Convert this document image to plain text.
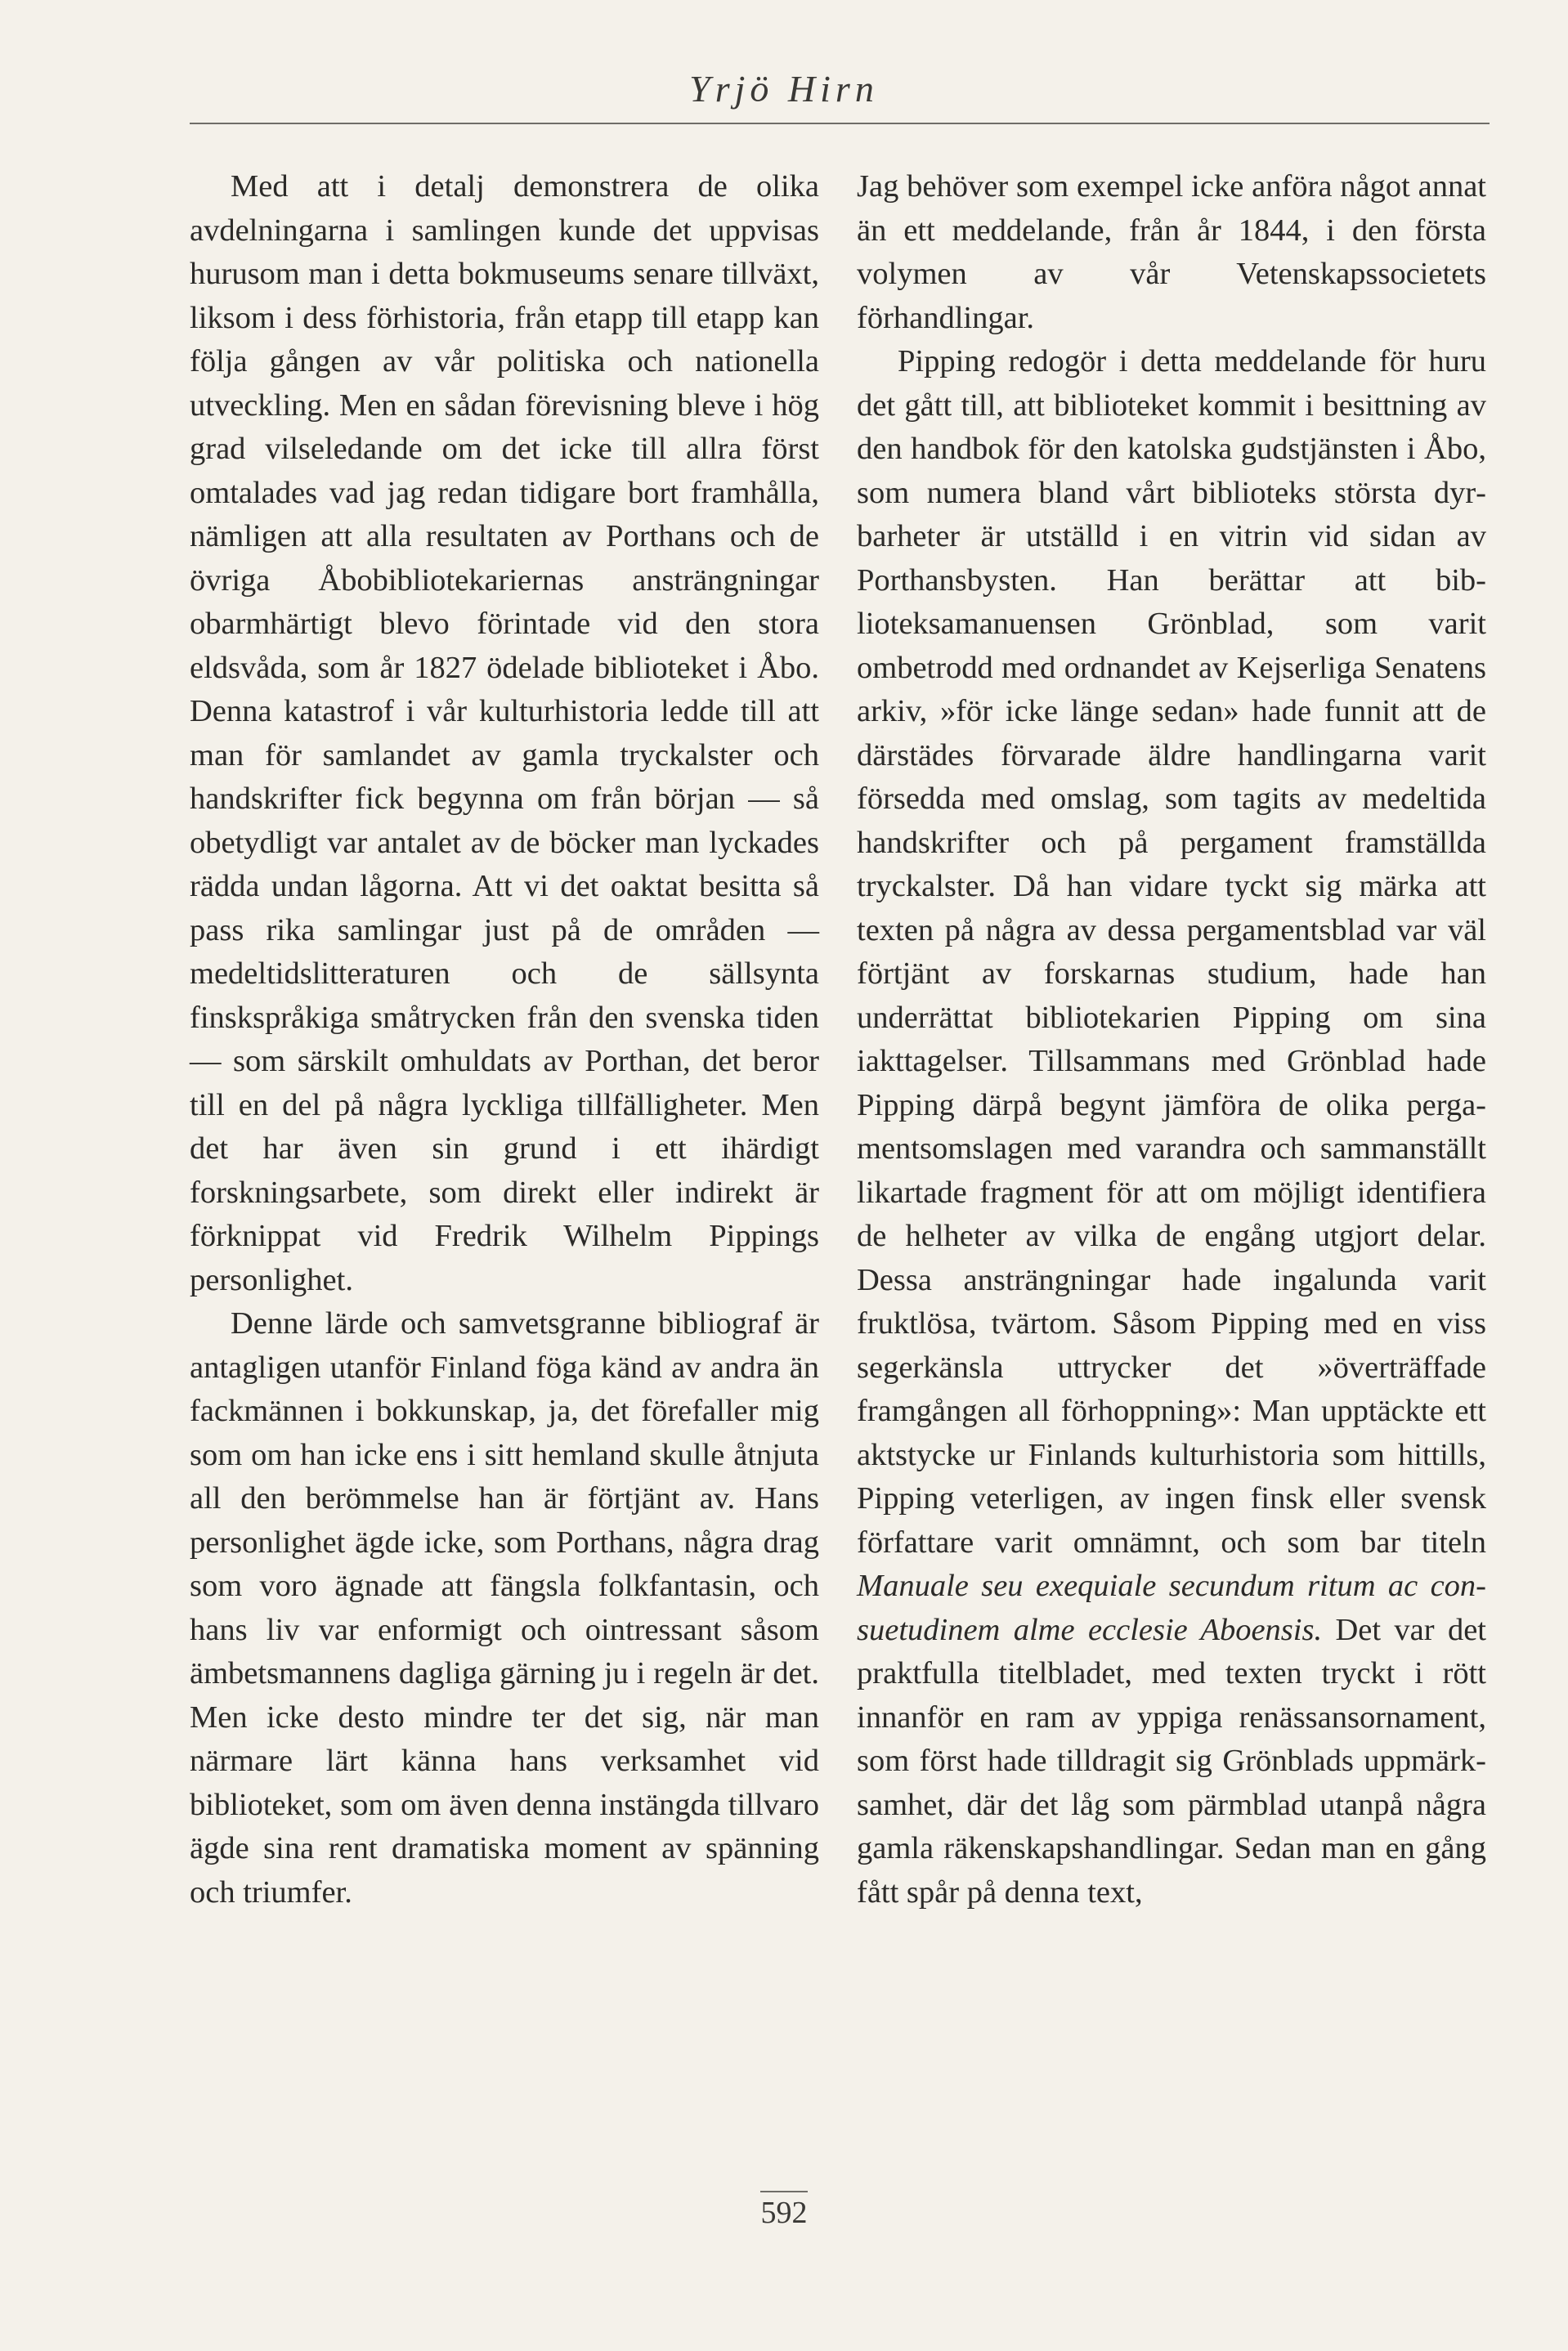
Yrjö Hirn

Med att i detalj demonstrera de olika avdelningarna i samlingen kunde det uppvisas hurusom man i detta bokmuseums senare tillväxt, liksom i dess förhistoria, från etapp till etapp kan följa gången av vår politiska och nationella utveckling. Men en sådan förevisning bleve i hög grad vilseledande om det icke till allra först omtalades vad jag redan tidigare bort framhålla, nämligen att alla resultaten av Porthans och de övriga Åbobibliotekariernas ansträngningar obarmhärtigt blevo förintade vid den stora eldsvåda, som år 1827 ödelade biblioteket i Åbo. Denna katastrof i vår kulturhistoria ledde till att man för samlandet av gamla tryckalster och handskrifter fick begynna om från början — så obetydligt var antalet av de böcker man lyckades rädda undan lågorna. Att vi det oaktat besitta så pass rika samlingar just på de områden — medeltidslitteraturen och de sällsynta finskspråkiga småtrycken från den svenska tiden — som särskilt omhuldats av Porthan, det beror till en del på några lyckliga tillfälligheter. Men det har även sin grund i ett ihärdigt forskningsarbete, som direkt eller indirekt är förknippat vid Fredrik Wilhelm Pippings personlighet.

Denne lärde och samvetsgranne bibliograf är antagligen utanför Finland föga känd av andra än fackmännen i bokkunskap, ja, det förefaller mig som om han icke ens i sitt hemland skulle åtnjuta all den berömmelse han är förtjänt av. Hans personlighet ägde icke, som Porthans, några drag som voro ägnade att fängsla folkfantasin, och hans liv var enformigt och ointressant såsom ämbetsmannens dagliga gärning ju i regeln är det. Men icke desto mindre ter det sig, när man närmare lärt känna hans verksamhet vid biblioteket, som om även denna instängda tillvaro ägde sina rent dramatiska moment av spänning och triumfer.

Jag behöver som exempel icke anföra något annat än ett meddelande, från år 1844, i den första volymen av vår Vetenskapssocietets förhandlingar.

Pipping redogör i detta meddelande för huru det gått till, att biblioteket kommit i besittning av den handbok för den katolska gudstjänsten i Åbo, som numera bland vårt biblioteks största dyrbarheter är utställd i en vitrin vid sidan av Porthansbysten. Han berättar att biblioteksamanuensen Grönblad, som varit ombetrodd med ordnandet av Kejserliga Senatens arkiv, »för icke länge sedan» hade funnit att de därstädes förvarade äldre handlingarna varit försedda med omslag, som tagits av medeltida handskrifter och på pergament framställda tryckalster. Då han vidare tyckt sig märka att texten på några av dessa pergamentsblad var väl förtjänt av forskarnas studium, hade han underrättat bibliotekarien Pipping om sina iakttagelser. Tillsammans med Grönblad hade Pipping därpå begynt jämföra de olika pergamentsomslagen med varandra och sammanställt likartade fragment för att om möjligt identifiera de helheter av vilka de engång utgjort delar. Dessa ansträngningar hade ingalunda varit fruktlösa, tvärtom. Såsom Pipping med en viss segerkänsla uttrycker det »överträffade framgången all förhoppning»: Man upptäckte ett aktstycke ur Finlands kulturhistoria som hittills, Pipping veterligen, av ingen finsk eller svensk författare varit omnämnt, och som bar titeln Manuale seu exequiale secundum ritum ac consuetudinem alme ecclesie Aboensis. Det var det praktfulla titelbladet, med texten tryckt i rött innanför en ram av yppiga renässansornament, som först hade tilldragit sig Grönblads uppmärksamhet, där det låg som pärmblad utanpå några gamla räkenskapshandlingar. Sedan man en gång fått spår på denna text,

592
